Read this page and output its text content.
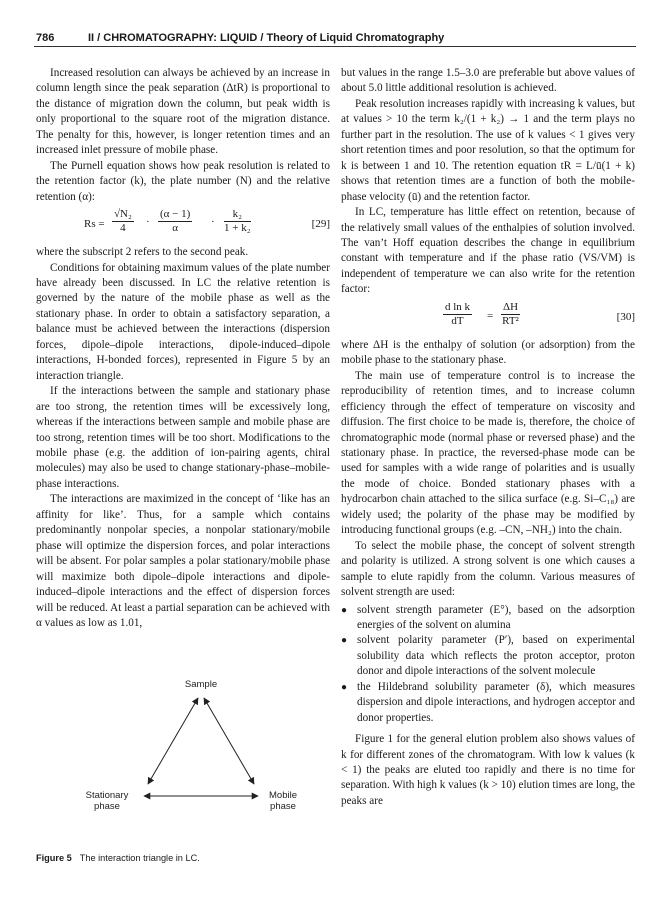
786	II / CHROMATOGRAPHY: LIQUID / Theory of Liquid Chromatography

Increased resolution can always be achieved by an increase in column length since the peak separation (ΔtR) is proportional to the distance of migration down the column, but peak width is only proportional to the square root of the migration distance. The penalty for this, however, is longer retention times and an increased inlet pressure of mobile phase.

The Purnell equation shows how peak resolution is related to the retention factor (k), the plate number (N) and the relative retention (α):

$Rs = \frac{\text{√N₂}}{4} \cdot \frac{(\alpha - 1)}{\alpha} \cdot \frac{\text{k₂}}{\text{1 + k₂}}$	[29]

where the subscript 2 refers to the second peak.

Conditions for obtaining maximum values of the plate number have already been discussed. In LC the relative retention is governed by the nature of the mobile phase as well as the stationary phase. In order to obtain a satisfactory separation, a balance must be achieved between the interactions (dispersion forces, dipole–dipole interactions, dipole-induced–dipole interactions, H-bonded forces), represented in Figure 5 by an interaction triangle.

If the interactions between the sample and stationary phase are too strong, the retention times will be excessively long, whereas if the interactions between sample and mobile phase are too strong, retention times will be too short. Modifications to the mobile phase (e.g. the addition of ion-pairing agents, chiral molecules) may also be used to change stationary-phase–mobile-phase interactions.

The interactions are maximized in the concept of ‘like has an affinity for like’. Thus, for a sample which contains predominantly nonpolar species, a nonpolar stationary/mobile phase will optimize the dispersion forces, and polar interactions will be absent. For polar samples a polar stationary/mobile phase will maximize both dipole–dipole interactions and dipole-induced–dipole interactions and the effect of dispersion forces will be reduced. At least a partial separation can be achieved with α values as low as 1.01,

Sample
Stationary phase
Mobile phase
Figure 5 The interaction triangle in LC.

but values in the range 1.5–3.0 are preferable but above values of about 5.0 little additional resolution is achieved.

Peak resolution increases rapidly with increasing k values, but at values > 10 the term k₂/(1 + k₂) → 1 and the term plays no further part in the resolution. The use of k values < 1 gives very short retention times and poor resolution, so that the optimum for k is between 1 and 10. The retention equation tR = L/ū(1 + k) shows that retention times are a function of both the mobile-phase velocity (ū) and the retention factor.

In LC, temperature has little effect on retention, because of the relatively small values of the enthalpies of solution involved. The van’t Hoff equation describes the change in equilibrium constant with temperature and if the phase ratio (VS/VM) is independent of temperature we can also write for the retention factor:

$\frac{\text{d ln k}}{dT} = \frac{\Delta H}{\text{RT²}}$	[30]

where ΔH is the enthalpy of solution (or adsorption) from the mobile phase to the stationary phase.

The main use of temperature control is to increase the reproducibility of retention times, and to increase column efficiency through the effect of temperature on viscosity and diffusion. The first choice to be made is, therefore, the choice of chromatographic mode (normal phase or reversed phase) and the stationary phase. In practice, the reversed-phase mode can be used for samples with a wide range of polarities and is usually the mode of choice. Bonded stationary phases with a hydrocarbon chain attached to the silica surface (e.g. Si–C₁₈) are widely used; the polarity of the phase may be modified by introducing functional groups (e.g. –CN, –NH₂) into the chain.

To select the mobile phase, the concept of solvent strength and polarity is utilized. A strong solvent is one which causes a sample to elute rapidly from the column. Various measures of solvent strength are used:

● solvent strength parameter (E°), based on the adsorption energies of the solvent on alumina
● solvent polarity parameter (P′), based on experimental solubility data which reflects the proton acceptor, proton donor and dipole interactions of the solvent molecule
● the Hildebrand solubility parameter (δ), which measures dispersion and dipole interactions, and hydrogen acceptor and donor properties.

Figure 1 for the general elution problem also shows values of k for different zones of the chromatogram. With low k values (k < 1) the peaks are eluted too rapidly and there is no time for separation. With high k values (k > 10) elution times are long, the peaks are
